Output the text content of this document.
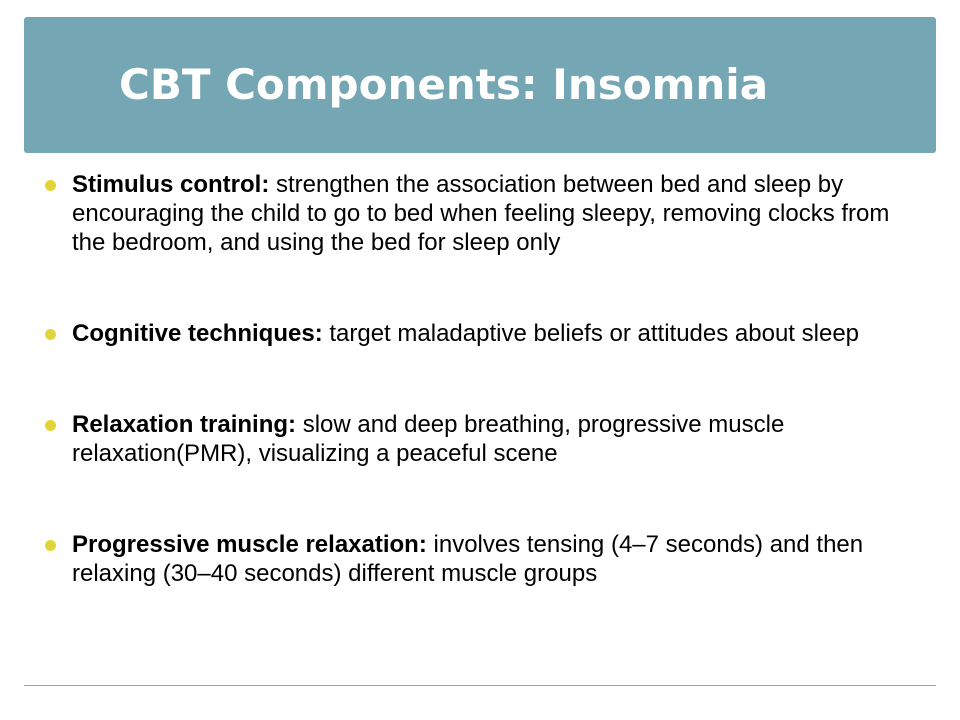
CBT Components: Insomnia
Stimulus control: strengthen the association between bed and sleep by encouraging the child to go to bed when feeling sleepy, removing clocks from the bedroom, and using the bed for sleep only
Cognitive techniques: target maladaptive beliefs or attitudes about sleep
Relaxation training: slow and deep breathing, progressive muscle relaxation(PMR), visualizing a peaceful scene
Progressive muscle relaxation: involves tensing (4–7 seconds) and then relaxing (30–40 seconds) different muscle groups
